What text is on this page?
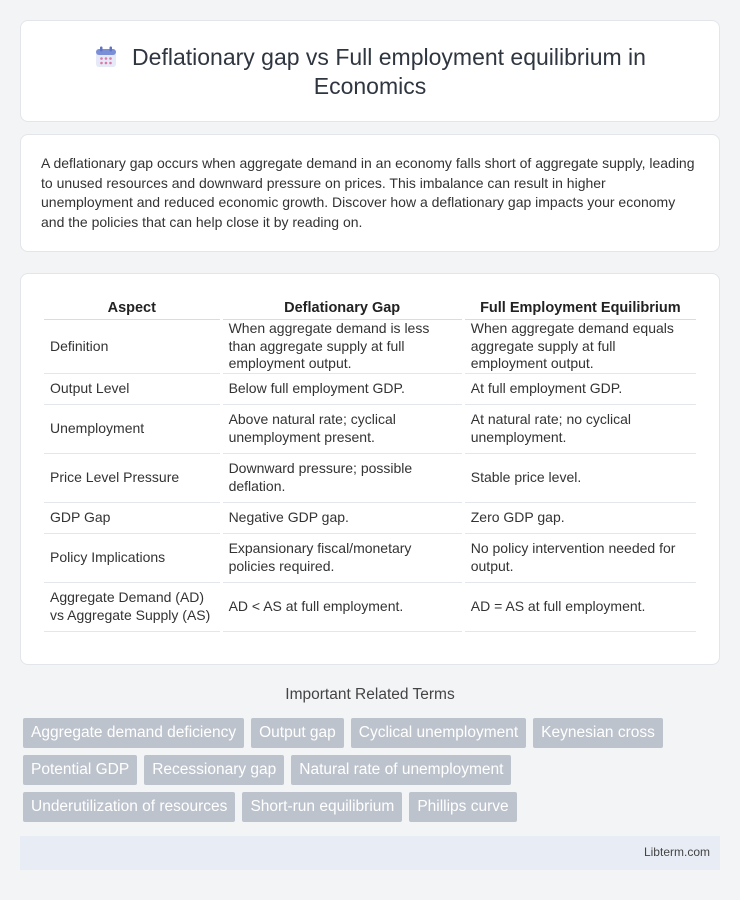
Deflationary gap vs Full employment equilibrium in Economics

A deflationary gap occurs when aggregate demand in an economy falls short of aggregate supply, leading to unused resources and downward pressure on prices. This imbalance can result in higher unemployment and reduced economic growth. Discover how a deflationary gap impacts your economy and the policies that can help close it by reading on.

Aspect	Deflationary Gap	Full Employment Equilibrium
Definition	When aggregate demand is less than aggregate supply at full employment output.	When aggregate demand equals aggregate supply at full employment output.
Output Level	Below full employment GDP.	At full employment GDP.
Unemployment	Above natural rate; cyclical unemployment present.	At natural rate; no cyclical unemployment.
Price Level Pressure	Downward pressure; possible deflation.	Stable price level.
GDP Gap	Negative GDP gap.	Zero GDP gap.
Policy Implications	Expansionary fiscal/monetary policies required.	No policy intervention needed for output.
Aggregate Demand (AD) vs Aggregate Supply (AS)	AD < AS at full employment.	AD = AS at full employment.
Important Related Terms
Aggregate demand deficiency	Output gap	Cyclical unemployment	Keynesian cross
Potential GDP	Recessionary gap	Natural rate of unemployment
Underutilization of resources	Short-run equilibrium	Phillips curve
Libterm.com
